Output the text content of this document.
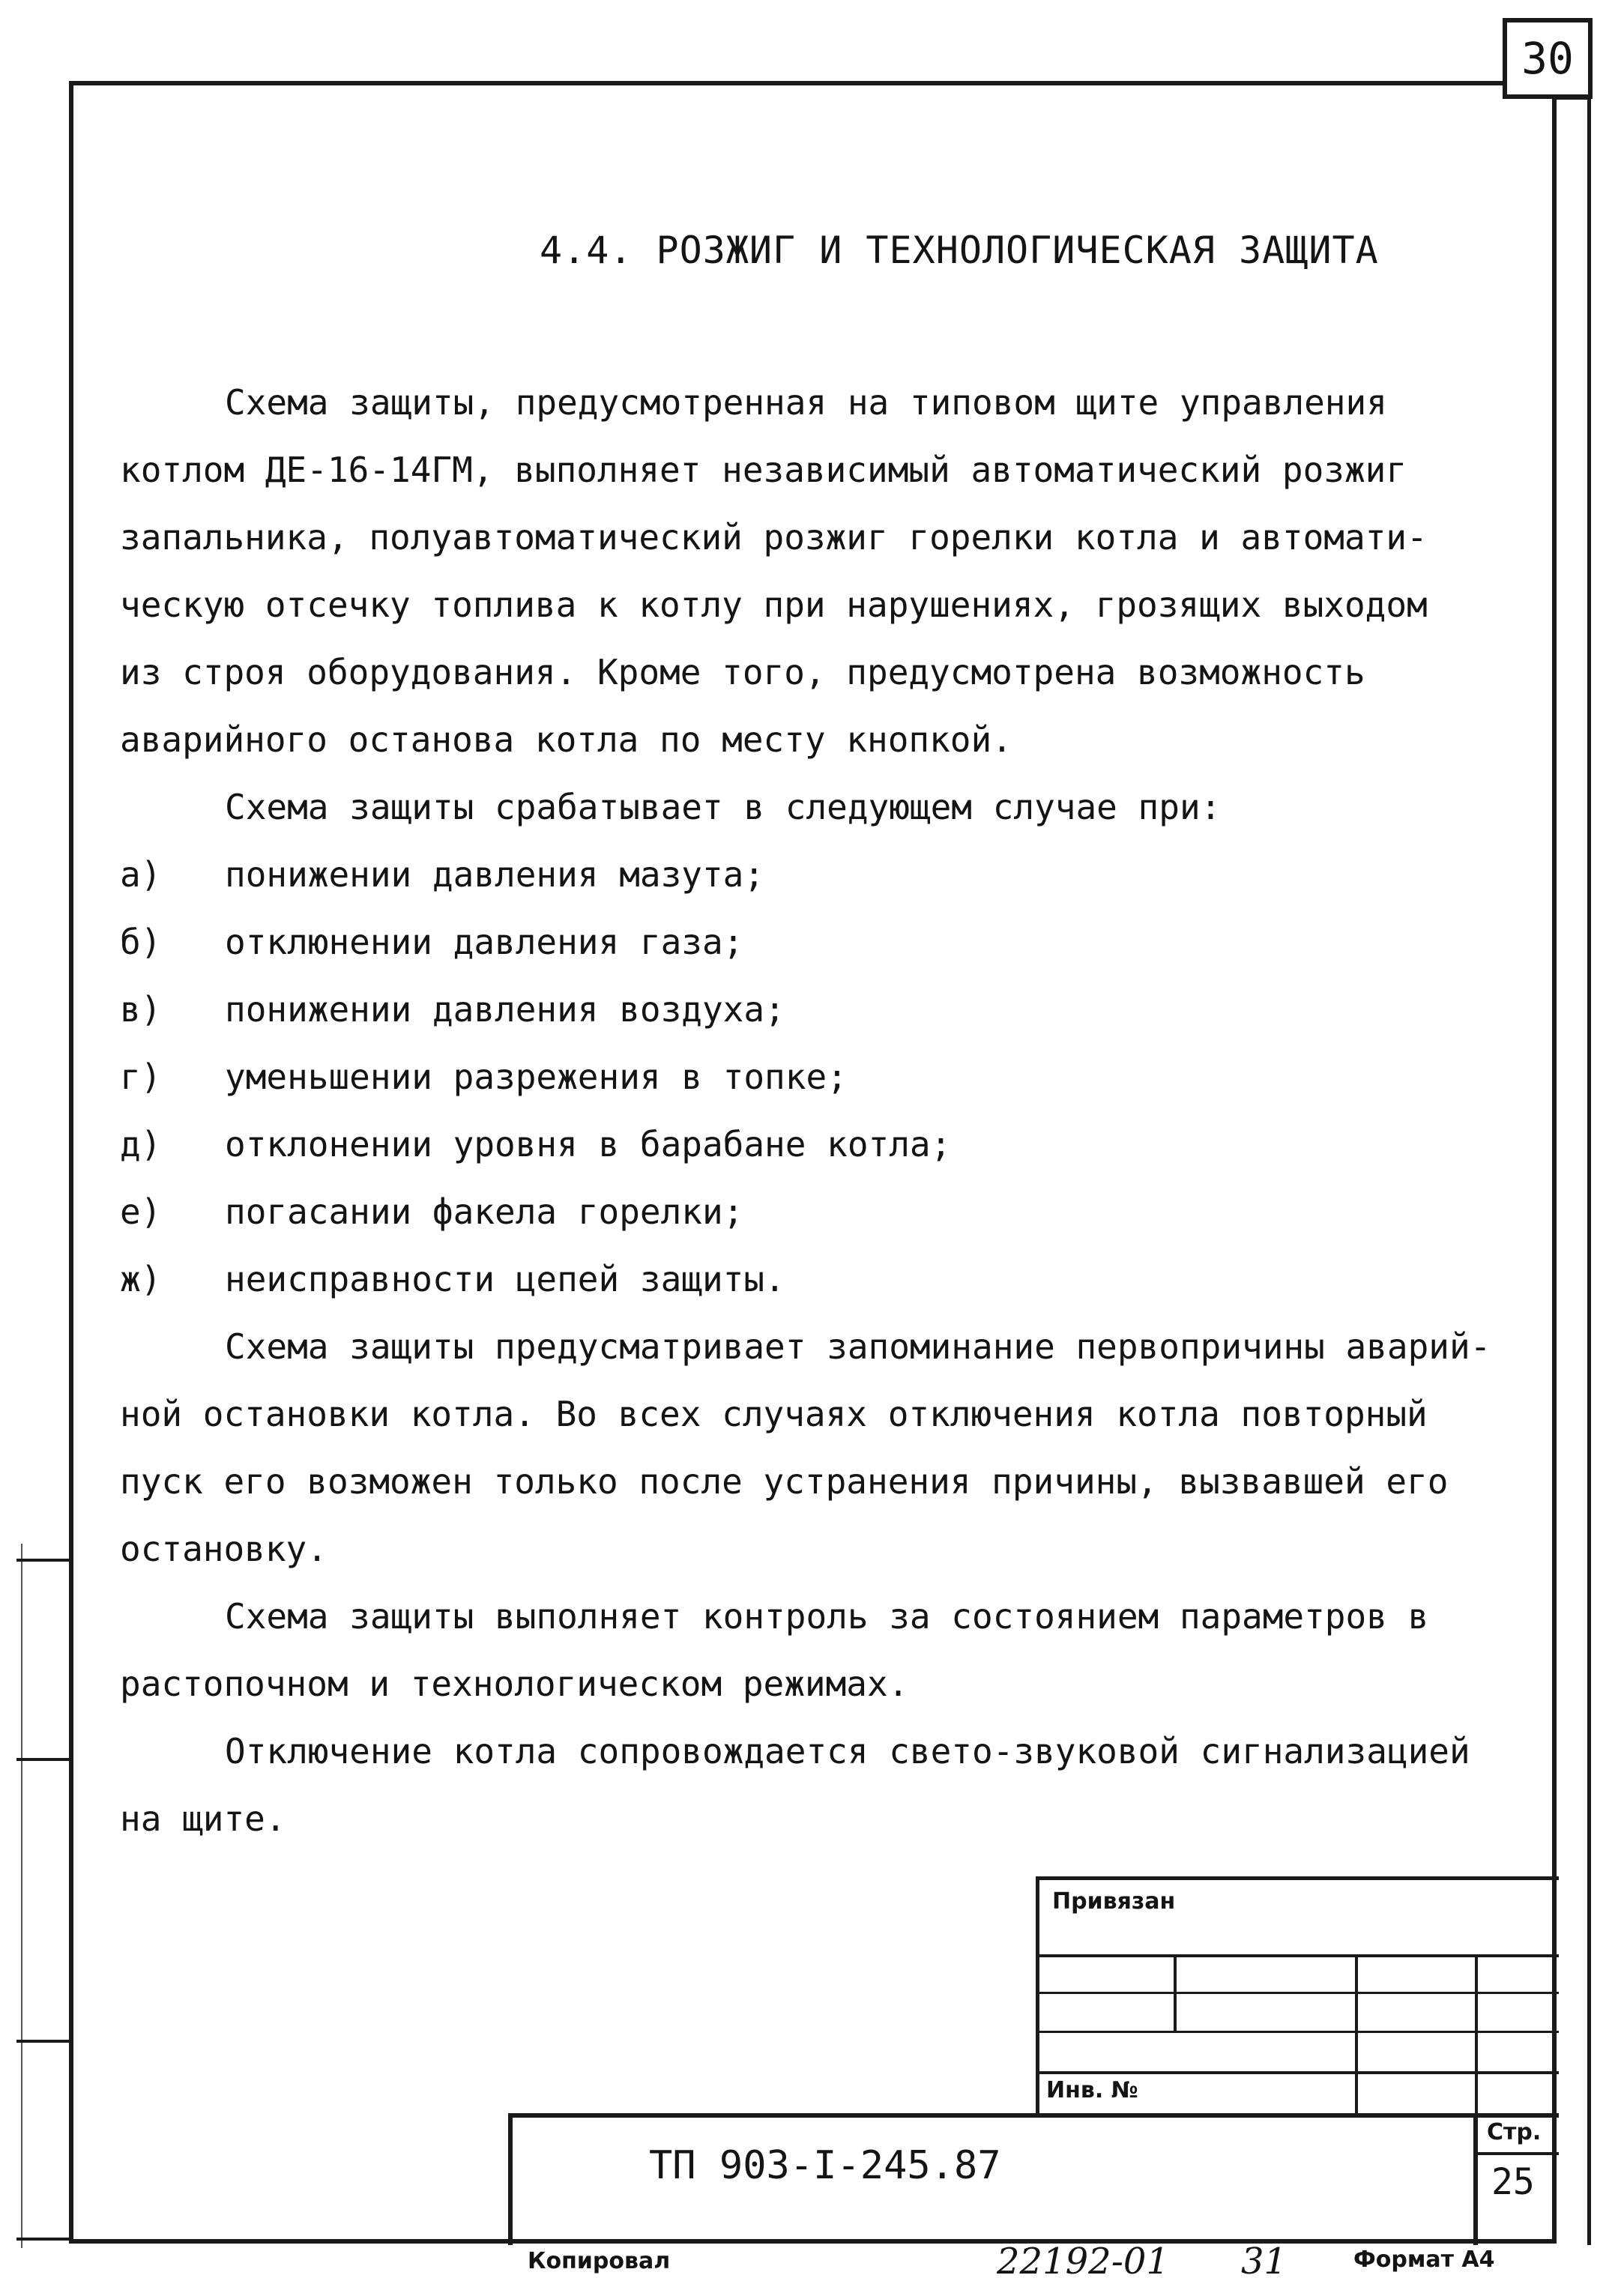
30
4.4. РОЗЖИГ И ТЕХНОЛОГИЧЕСКАЯ ЗАЩИТА

Схема защиты, предусмотренная на типовом щите управления

котлом ДЕ-16-14ГМ, выполняет независимый автоматический розжиг

запальника, полуавтоматический розжиг горелки котла и автомати-

ческую отсечку топлива к котлу при нарушениях, грозящих выходом

из строя оборудования. Кроме того, предусмотрена возможность

аварийного останова котла по месту кнопкой.

Схема защиты срабатывает в следующем случае при:

а)	понижении давления мазута;
б)	отклюнении давления газа;
в)	понижении давления воздуха;
г)	уменьшении разрежения в топке;
д)	отклонении уровня в барабане котла;
е)	погасании факела горелки;
ж)	неисправности цепей защиты.

Схема защиты предусматривает запоминание первопричины аварий-

ной остановки котла. Во всех случаях отключения котла повторный

пуск его возможен только после устранения причины, вызвавшей его

остановку.

Схема защиты выполняет контроль за состоянием параметров в

растопочном и технологическом режимах.

Отключение котла сопровождается свето-звуковой сигнализацией

на щите.

Привязан
Инв. №
Стр.
25
ТП 903-I-245.87
Копировал	22192-01 31	Формат А4
